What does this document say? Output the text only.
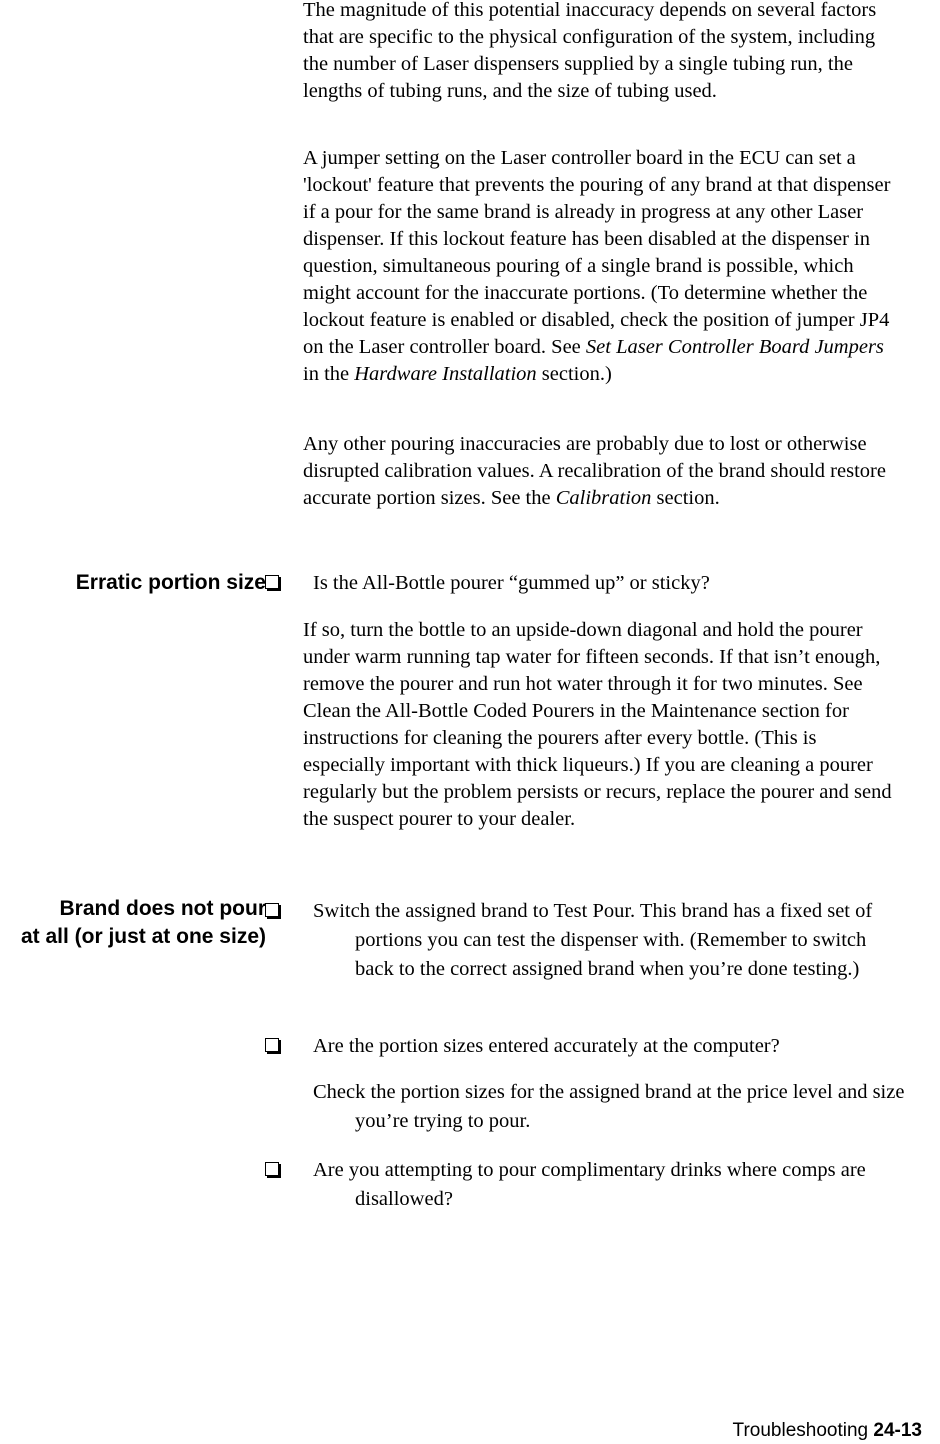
The magnitude of this potential inaccuracy depends on several factors that are specific to the physical configuration of the system, including the number of Laser dispensers supplied by a single tubing run, the lengths of tubing runs, and the size of tubing used.

A jumper setting on the Laser controller board in the ECU can set a 'lockout' feature that prevents the pouring of any brand at that dispenser if a pour for the same brand is already in progress at any other Laser dispenser. If this lockout feature has been disabled at the dispenser in question, simultaneous pouring of a single brand is possible, which might account for the inaccurate portions. (To determine whether the lockout feature is enabled or disabled, check the position of jumper JP4 on the Laser controller board. See Set Laser Controller Board Jumpers in the Hardware Installation section.)

Any other pouring inaccuracies are probably due to lost or otherwise disrupted calibration values. A recalibration of the brand should restore accurate portion sizes. See the Calibration section.

Erratic portion size Is the All-Bottle pourer “gummed up” or sticky?

If so, turn the bottle to an upside-down diagonal and hold the pourer under warm running tap water for fifteen seconds. If that isn’t enough, remove the pourer and run hot water through it for two minutes. See Clean the All-Bottle Coded Pourers in the Maintenance section for instructions for cleaning the pourers after every bottle. (This is especially important with thick liqueurs.) If you are cleaning a pourer regularly but the problem persists or recurs, replace the pourer and send the suspect pourer to your dealer.

Brand does not pour
at all (or just at one size)
Switch the assigned brand to Test Pour. This brand has a fixed set of portions you can test the dispenser with. (Remember to switch back to the correct assigned brand when you’re done testing.)
Are the portion sizes entered accurately at the computer?

Check the portion sizes for the assigned brand at the price level and size you’re trying to pour.

Are you attempting to pour complimentary drinks where comps are disallowed?
Troubleshooting 24-13
